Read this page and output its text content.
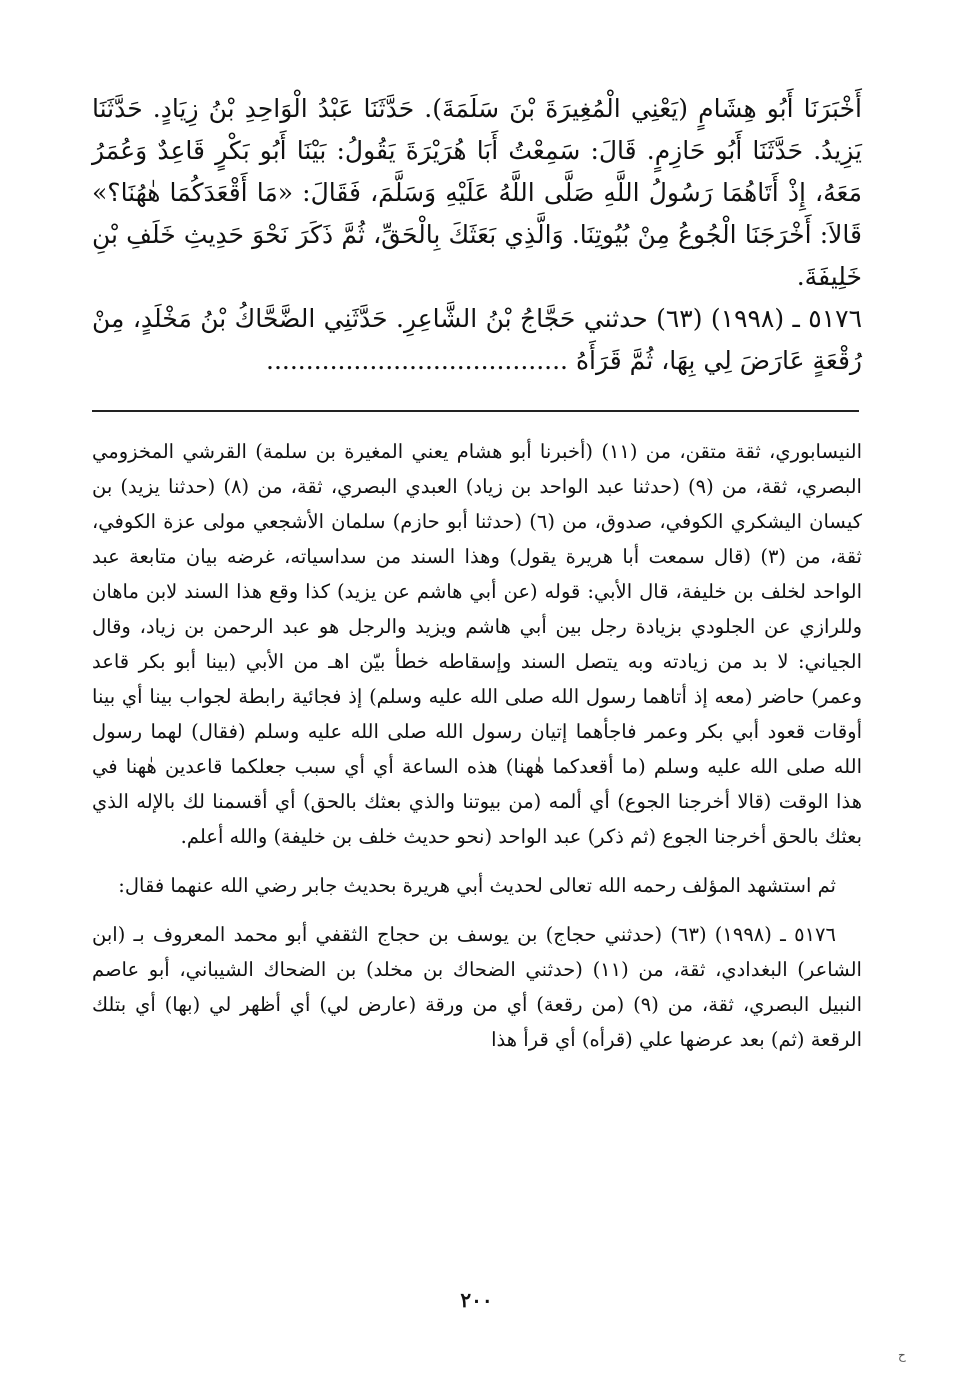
أَخْبَرَنَا أَبُو هِشَامٍ (يَعْنِي الْمُغِيرَةَ بْنَ سَلَمَةَ). حَدَّثَنَا عَبْدُ الْوَاحِدِ بْنُ زِيَادٍ. حَدَّثَنَا يَزِيدُ. حَدَّثَنَا أَبُو حَازِمٍ. قَالَ: سَمِعْتُ أَبَا هُرَيْرَةَ يَقُولُ: بَيْنَا أَبُو بَكْرٍ قَاعِدٌ وَعُمَرُ مَعَهُ، إِذْ أَتَاهُمَا رَسُولُ اللَّهِ صَلَّى اللَّهُ عَلَيْهِ وَسَلَّمَ، فَقَالَ: «مَا أَقْعَدَكُمَا هٰهُنَا؟» قَالاَ: أَخْرَجَنَا الْجُوعُ مِنْ بُيُوتِنَا. وَالَّذِي بَعَثَكَ بِالْحَقِّ، ثُمَّ ذَكَرَ نَحْوَ حَدِيثِ خَلَفِ بْنِ خَلِيفَةَ.

٥١٧٦ ـ (١٩٩٨) (٦٣) حدثني حَجَّاجُ بْنُ الشَّاعِرِ. حَدَّثَنِي الضَّحَّاكُ بْنُ مَخْلَدٍ، مِنْ رُقْعَةٍ عَارَضَ لِي بِهَا، ثُمَّ قَرَأَهُ ......................................

النيسابوري، ثقة متقن، من (١١) (أخبرنا أبو هشام يعني المغيرة بن سلمة) القرشي المخزومي البصري، ثقة، من (٩) (حدثنا عبد الواحد بن زياد) العبدي البصري، ثقة، من (٨) (حدثنا يزيد) بن كيسان اليشكري الكوفي، صدوق، من (٦) (حدثنا أبو حازم) سلمان الأشجعي مولى عزة الكوفي، ثقة، من (٣) (قال سمعت أبا هريرة يقول) وهذا السند من سداسياته، غرضه بيان متابعة عبد الواحد لخلف بن خليفة، قال الأبي: قوله (عن أبي هاشم عن يزيد) كذا وقع هذا السند لابن ماهان وللرازي عن الجلودي بزيادة رجل بين أبي هاشم ويزيد والرجل هو عبد الرحمن بن زياد، وقال الجياني: لا بد من زيادته وبه يتصل السند وإسقاطه خطأ بيّن اهـ من الأبي (بينا أبو بكر قاعد وعمر) حاضر (معه إذ أتاهما رسول الله صلى الله عليه وسلم) إذ فجائية رابطة لجواب بينا أي بينا أوقات قعود أبي بكر وعمر فاجأهما إتيان رسول الله صلى الله عليه وسلم (فقال) لهما رسول الله صلى الله عليه وسلم (ما أقعدكما هٰهنا) هذه الساعة أي أي سبب جعلكما قاعدين هٰهنا في هذا الوقت (قالا أخرجنا الجوع) أي ألمه (من بيوتنا والذي بعثك بالحق) أي أقسمنا لك بالإله الذي بعثك بالحق أخرجنا الجوع (ثم ذكر) عبد الواحد (نحو حديث خلف بن خليفة) والله أعلم.

ثم استشهد المؤلف رحمه الله تعالى لحديث أبي هريرة بحديث جابر رضي الله عنهما فقال:

٥١٧٦ ـ (١٩٩٨) (٦٣) (حدثني حجاج) بن يوسف بن حجاج الثقفي أبو محمد المعروف بـ (ابن الشاعر) البغدادي، ثقة، من (١١) (حدثني الضحاك بن مخلد) بن الضحاك الشيباني، أبو عاصم النبيل البصري، ثقة، من (٩) (من رقعة) أي من ورقة (عارض لي) أي أظهر لي (بها) أي بتلك الرقعة (ثم) بعد عرضها علي (قرأه) أي قرأ هذا

٢٠٠
ح
